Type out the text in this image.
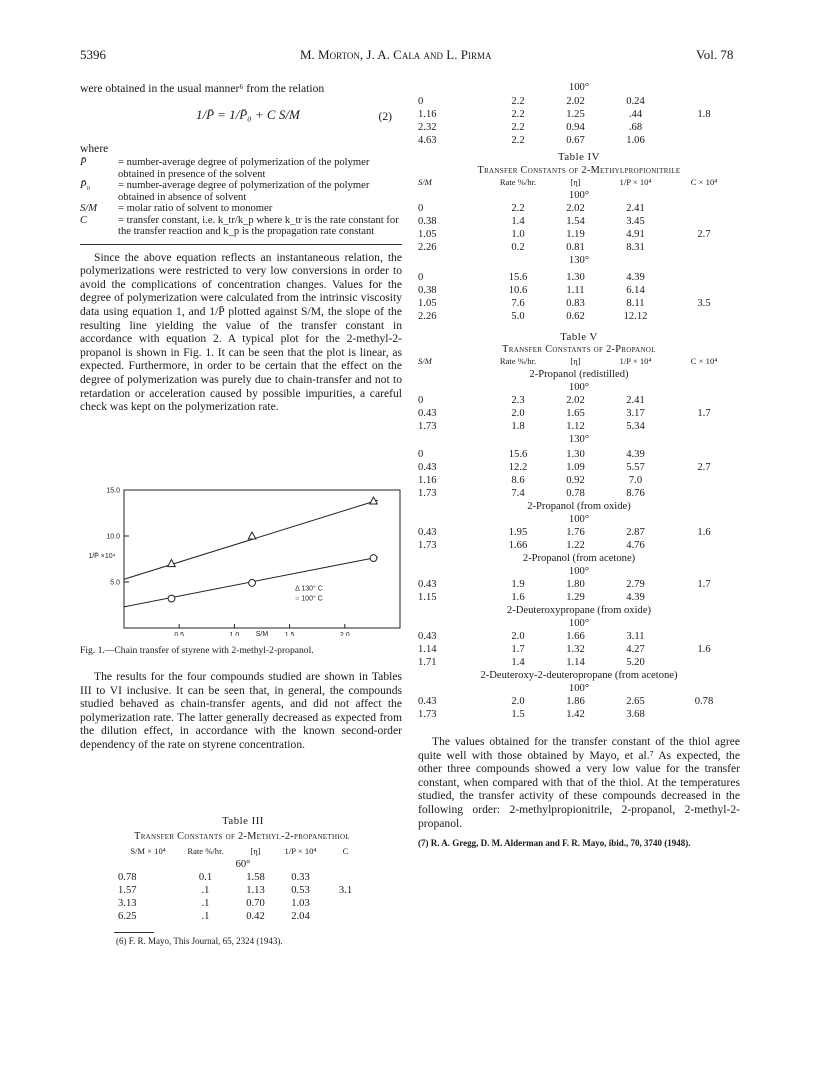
5396	M. Morton, J. A. Cala and L. Pirma	Vol. 78

were obtained in the usual manner⁶ from the relation

1/P̄ = 1/P̄₀ + C S/M	(2)

where

P̄	= number-average degree of polymerization of the polymer obtained in presence of the solvent
P̄₀	= number-average degree of polymerization of the polymer obtained in absence of solvent
S/M	= molar ratio of solvent to monomer
C	= transfer constant, i.e. k_tr/k_p where k_tr is the rate constant for the transfer reaction and k_p is the propagation rate constant

Since the above equation reflects an instantaneous relation, the polymerizations were restricted to very low conversions in order to avoid the complications of concentration changes. Values for the degree of polymerization were calculated from the intrinsic viscosity data using equation 1, and 1/P̄ plotted against S/M, the slope of the resulting line yielding the value of the transfer constant in accordance with equation 2. A typical plot for the 2-methyl-2-propanol is shown in Fig. 1. It can be seen that the plot is linear, as expected. Furthermore, in order to be certain that the effect on the degree of polymerization was purely due to chain-transfer and not to retardation or acceleration caused by possible impurities, a careful check was kept on the polymerization rate.

0.5	1.0	1.5	2.0
5.0
10.0
15.0
S/M
1/P̄ ×10⁴
Δ 130° C
○ 100° C
Fig. 1.—Chain transfer of styrene with 2-methyl-2-propanol.

The results for the four compounds studied are shown in Tables III to VI inclusive. It can be seen that, in general, the compounds studied behaved as chain-transfer agents, and did not affect the polymerization rate. The latter generally decreased as expected from the dilution effect, in accordance with the known second-order dependency of the rate on styrene concentration.

Table III
Transfer Constants of 2-Methyl-2-propanethiol
S/M × 10⁴	Rate %/hr.	[η]	1/P × 10⁴	C
60°				
0.78	0.1	1.58	0.33	
1.57	.1	1.13	0.53	3.1
3.13	.1	0.70	1.03	
6.25	.1	0.42	2.04	
(6) F. R. Mayo, This Journal, 65, 2324 (1943).
100°
0	2.2	2.02	0.24	
1.16	2.2	1.25	.44	1.8
2.32	2.2	0.94	.68	
4.63	2.2	0.67	1.06	
Table IV
Transfer Constants of 2-Methylpropionitrile
S/M	Rate %/hr.	[η]	1/P × 10⁴	C × 10⁴
100°				
0	2.2	2.02	2.41	
0.38	1.4	1.54	3.45	
1.05	1.0	1.19	4.91	2.7
2.26	0.2	0.81	8.31	
130°				

0	15.6	1.30	4.39	
0.38	10.6	1.11	6.14	
1.05	7.6	0.83	8.11	3.5
2.26	5.0	0.62	12.12	
Table V
Transfer Constants of 2-Propanol
S/M	Rate %/hr.	[η]	1/P × 10⁴	C × 10⁴
2-Propanol (redistilled)				
100°				
0	2.3	2.02	2.41	
0.43	2.0	1.65	3.17	1.7
1.73	1.8	1.12	5.34	
130°				

0	15.6	1.30	4.39	
0.43	12.2	1.09	5.57	2.7
1.16	8.6	0.92	7.0	
1.73	7.4	0.78	8.76	
2-Propanol (from oxide)				
100°				
0.43	1.95	1.76	2.87	1.6
1.73	1.66	1.22	4.76	
2-Propanol (from acetone)				
100°				
0.43	1.9	1.80	2.79	1.7
1.15	1.6	1.29	4.39	
2-Deuteroxypropane (from oxide)				
100°				
0.43	2.0	1.66	3.11	
1.14	1.7	1.32	4.27	1.6
1.71	1.4	1.14	5.20	
2-Deuteroxy-2-deuteropropane (from acetone)				
100°				
0.43	2.0	1.86	2.65	0.78
1.73	1.5	1.42	3.68	

The values obtained for the transfer constant of the thiol agree quite well with those obtained by Mayo, et al.⁷ As expected, the other three compounds showed a very low value for the transfer constant, when compared with that of the thiol. At the temperatures studied, the transfer activity of these compounds decreased in the following order: 2-methylpropionitrile, 2-propanol, 2-methyl-2-propanol.

(7) R. A. Gregg, D. M. Alderman and F. R. Mayo, ibid., 70, 3740 (1948).
